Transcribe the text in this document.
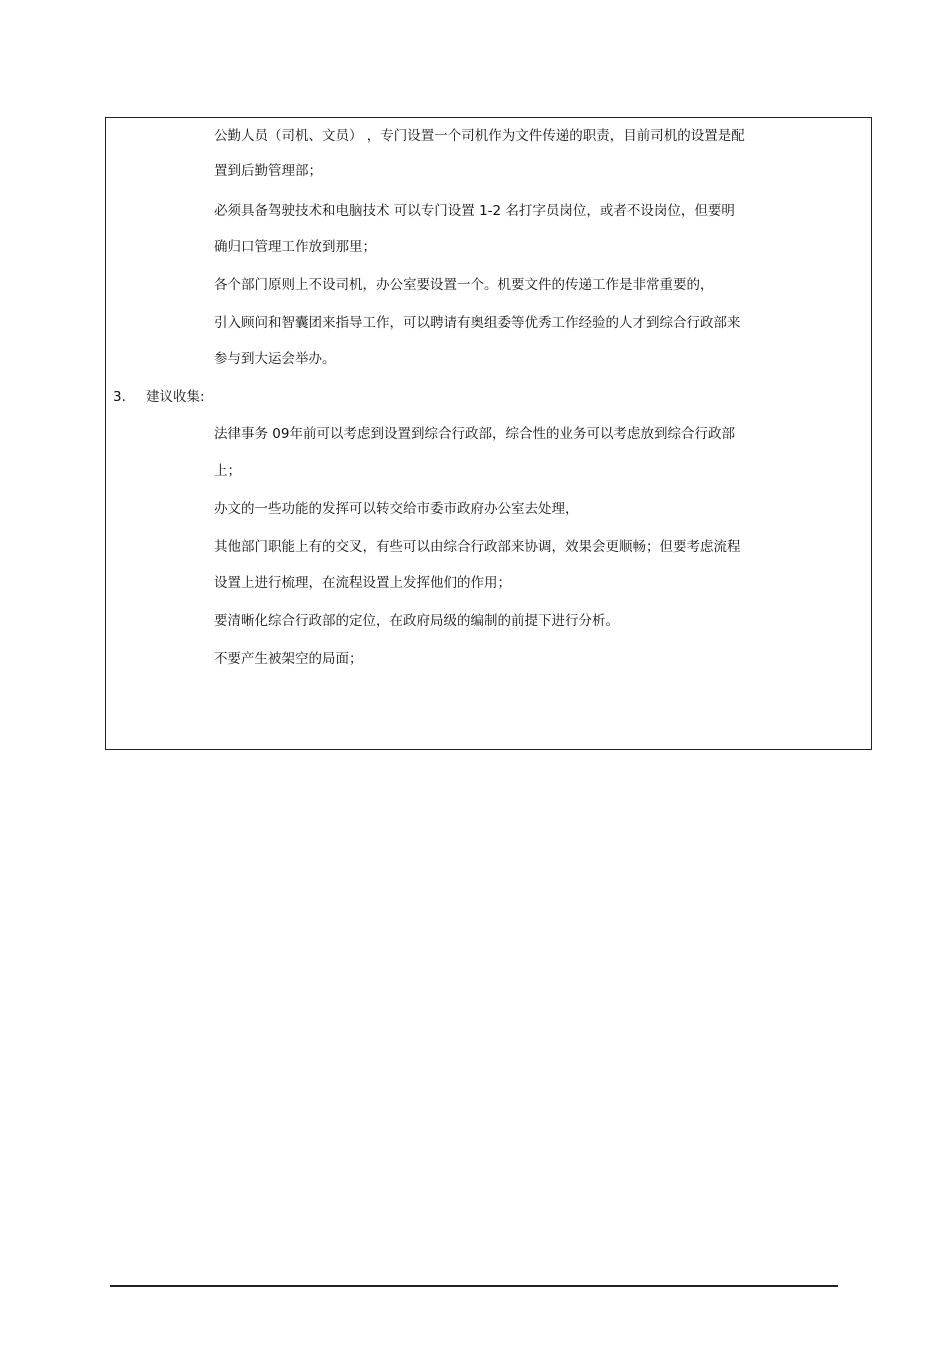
公勤人员（司机、文员） ，专门设置一个司机作为文件传递的职责，目前司机的设置是配
置到后勤管理部；
必须具备驾驶技术和电脑技术 可以专门设置 1-2 名打字员岗位，或者不设岗位，但要明
确归口管理工作放到那里；
各个部门原则上不设司机，办公室要设置一个。机要文件的传递工作是非常重要的，
引入顾问和智囊团来指导工作，可以聘请有奥组委等优秀工作经验的人才到综合行政部来
参与到大运会举办。
3. 建议收集:
法律事务 09年前可以考虑到设置到综合行政部，综合性的业务可以考虑放到综合行政部
上；
办文的一些功能的发挥可以转交给市委市政府办公室去处理，
其他部门职能上有的交叉，有些可以由综合行政部来协调，效果会更顺畅；但要考虑流程
设置上进行梳理，在流程设置上发挥他们的作用；
要清晰化综合行政部的定位，在政府局级的编制的前提下进行分析。
不要产生被架空的局面；
